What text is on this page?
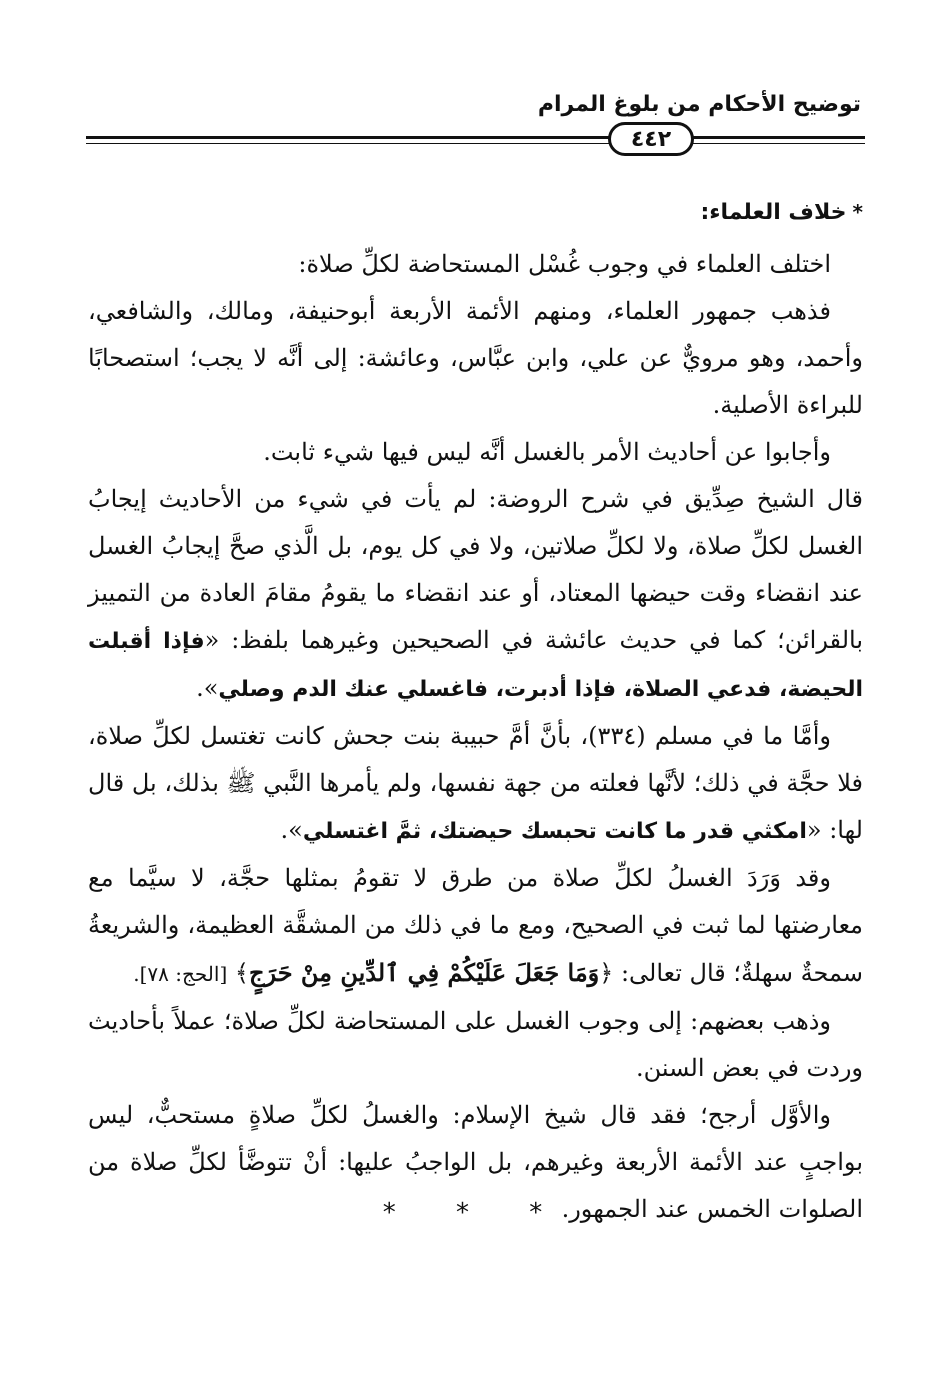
توضيح الأحكام من بلوغ المرام
٤٤٢
*خلاف العلماء:

اختلف العلماء في وجوب غُسْل المستحاضة لكلِّ صلاة:

فذهب جمهور العلماء، ومنهم الأئمة الأربعة أبوحنيفة، ومالك، والشافعي، وأحمد، وهو مرويٌّ عن علي، وابن عبَّاس، وعائشة: إلى أنَّه لا يجب؛ استصحابًا للبراءة الأصلية.

وأجابوا عن أحاديث الأمر بالغسل أنَّه ليس فيها شيء ثابت.

قال الشيخ صِدِّيق في شرح الروضة: لم يأت في شيء من الأحاديث إيجابُ الغسل لكلِّ صلاة، ولا لكلِّ صلاتين، ولا في كل يوم، بل الَّذي صحَّ إيجابُ الغسل عند انقضاء وقت حيضها المعتاد، أو عند انقضاء ما يقومُ مقامَ العادة من التمييز بالقرائن؛ كما في حديث عائشة في الصحيحين وغيرهما بلفظ: «فإذا أقبلت الحيضة، فدعي الصلاة، فإذا أدبرت، فاغسلي عنك الدم وصلي».

وأمَّا ما في مسلم (٣٣٤)، بأنَّ أمَّ حبيبة بنت جحش كانت تغتسل لكلِّ صلاة، فلا حجَّة في ذلك؛ لأنَّها فعلته من جهة نفسها، ولم يأمرها النَّبي ﷺ بذلك، بل قال لها: «امكثي قدر ما كانت تحبسك حيضتك، ثمَّ اغتسلي».

وقد وَرَدَ الغسلُ لكلِّ صلاة من طرق لا تقومُ بمثلها حجَّة، لا سيَّما مع معارضتها لما ثبت في الصحيح، ومع ما في ذلك من المشقَّة العظيمة، والشريعةُ سمحةٌ سهلةٌ؛ قال تعالى: ﴿وَمَا جَعَلَ عَلَيْكُمْ فِي ٱلدِّينِ مِنْ حَرَجٍ﴾ [الحج: ٧٨].

وذهب بعضهم: إلى وجوب الغسل على المستحاضة لكلِّ صلاة؛ عملاً بأحاديث وردت في بعض السنن.

والأوَّل أرجح؛ فقد قال شيخ الإسلام: والغسلُ لكلِّ صلاةٍ مستحبٌّ، ليس بواجبٍ عند الأئمة الأربعة وغيرهم، بل الواجبُ عليها: أنْ تتوضَّأ لكلِّ صلاة من الصلوات الخمس عند الجمهور.

* * *
